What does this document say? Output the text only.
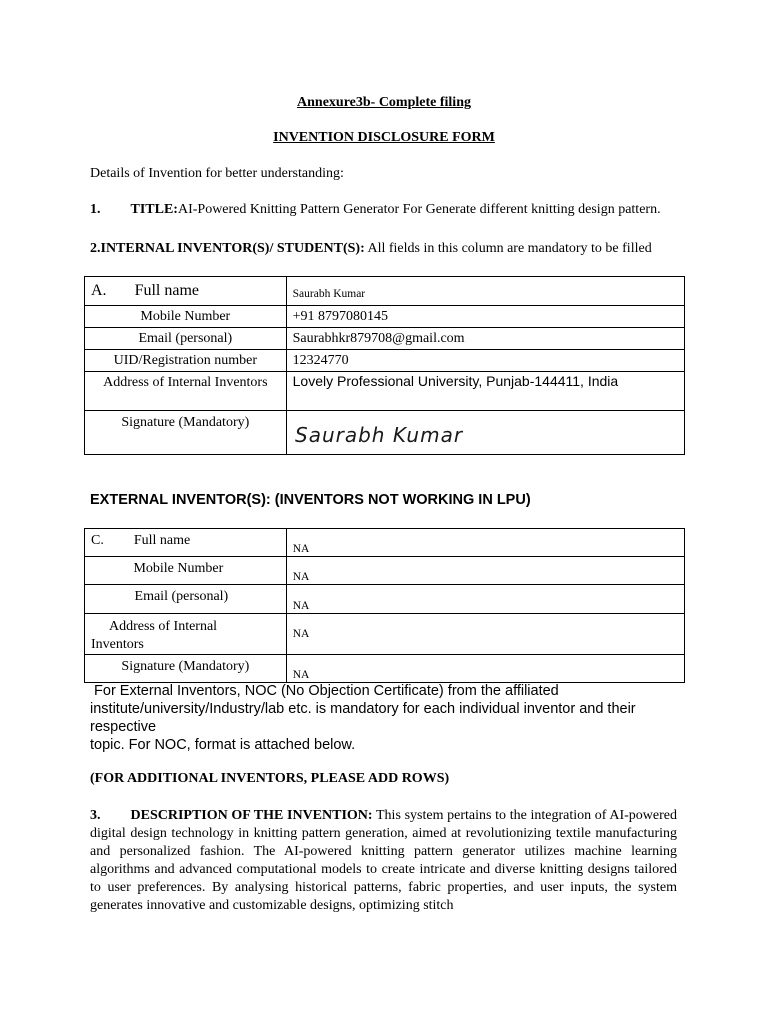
Annexure3b- Complete filing
INVENTION DISCLOSURE FORM
Details of Invention for better understanding:
1. TITLE:AI-Powered Knitting Pattern Generator For Generate different knitting design pattern.
2.INTERNAL INVENTOR(S)/ STUDENT(S): All fields in this column are mandatory to be filled
A. Full name	Saurabh Kumar
Mobile Number	+91 8797080145
Email (personal)	Saurabhkr879708@gmail.com
UID/Registration number	12324770
Address of Internal Inventors	Lovely Professional University, Punjab-144411, India
Signature (Mandatory)	Saurabh Kumar
EXTERNAL INVENTOR(S): (INVENTORS NOT WORKING IN LPU)
C. Full name	NA
Mobile Number	NA
Email (personal)	NA

Address of Internal
Inventors	NA
Signature (Mandatory)	NA
For External Inventors, NOC (No Objection Certificate) from the affiliated
institute/university/Industry/lab etc. is mandatory for each individual inventor and their
respective
topic. For NOC, format is attached below.
(FOR ADDITIONAL INVENTORS, PLEASE ADD ROWS)
3. DESCRIPTION OF THE INVENTION: This system pertains to the integration of AI-powered digital design technology in knitting pattern generation, aimed at revolutionizing textile manufacturing and personalized fashion. The AI-powered knitting pattern generator utilizes machine learning algorithms and advanced computational models to create intricate and diverse knitting designs tailored to user preferences. By analysing historical patterns, fabric properties, and user inputs, the system generates innovative and customizable designs, optimizing stitch
